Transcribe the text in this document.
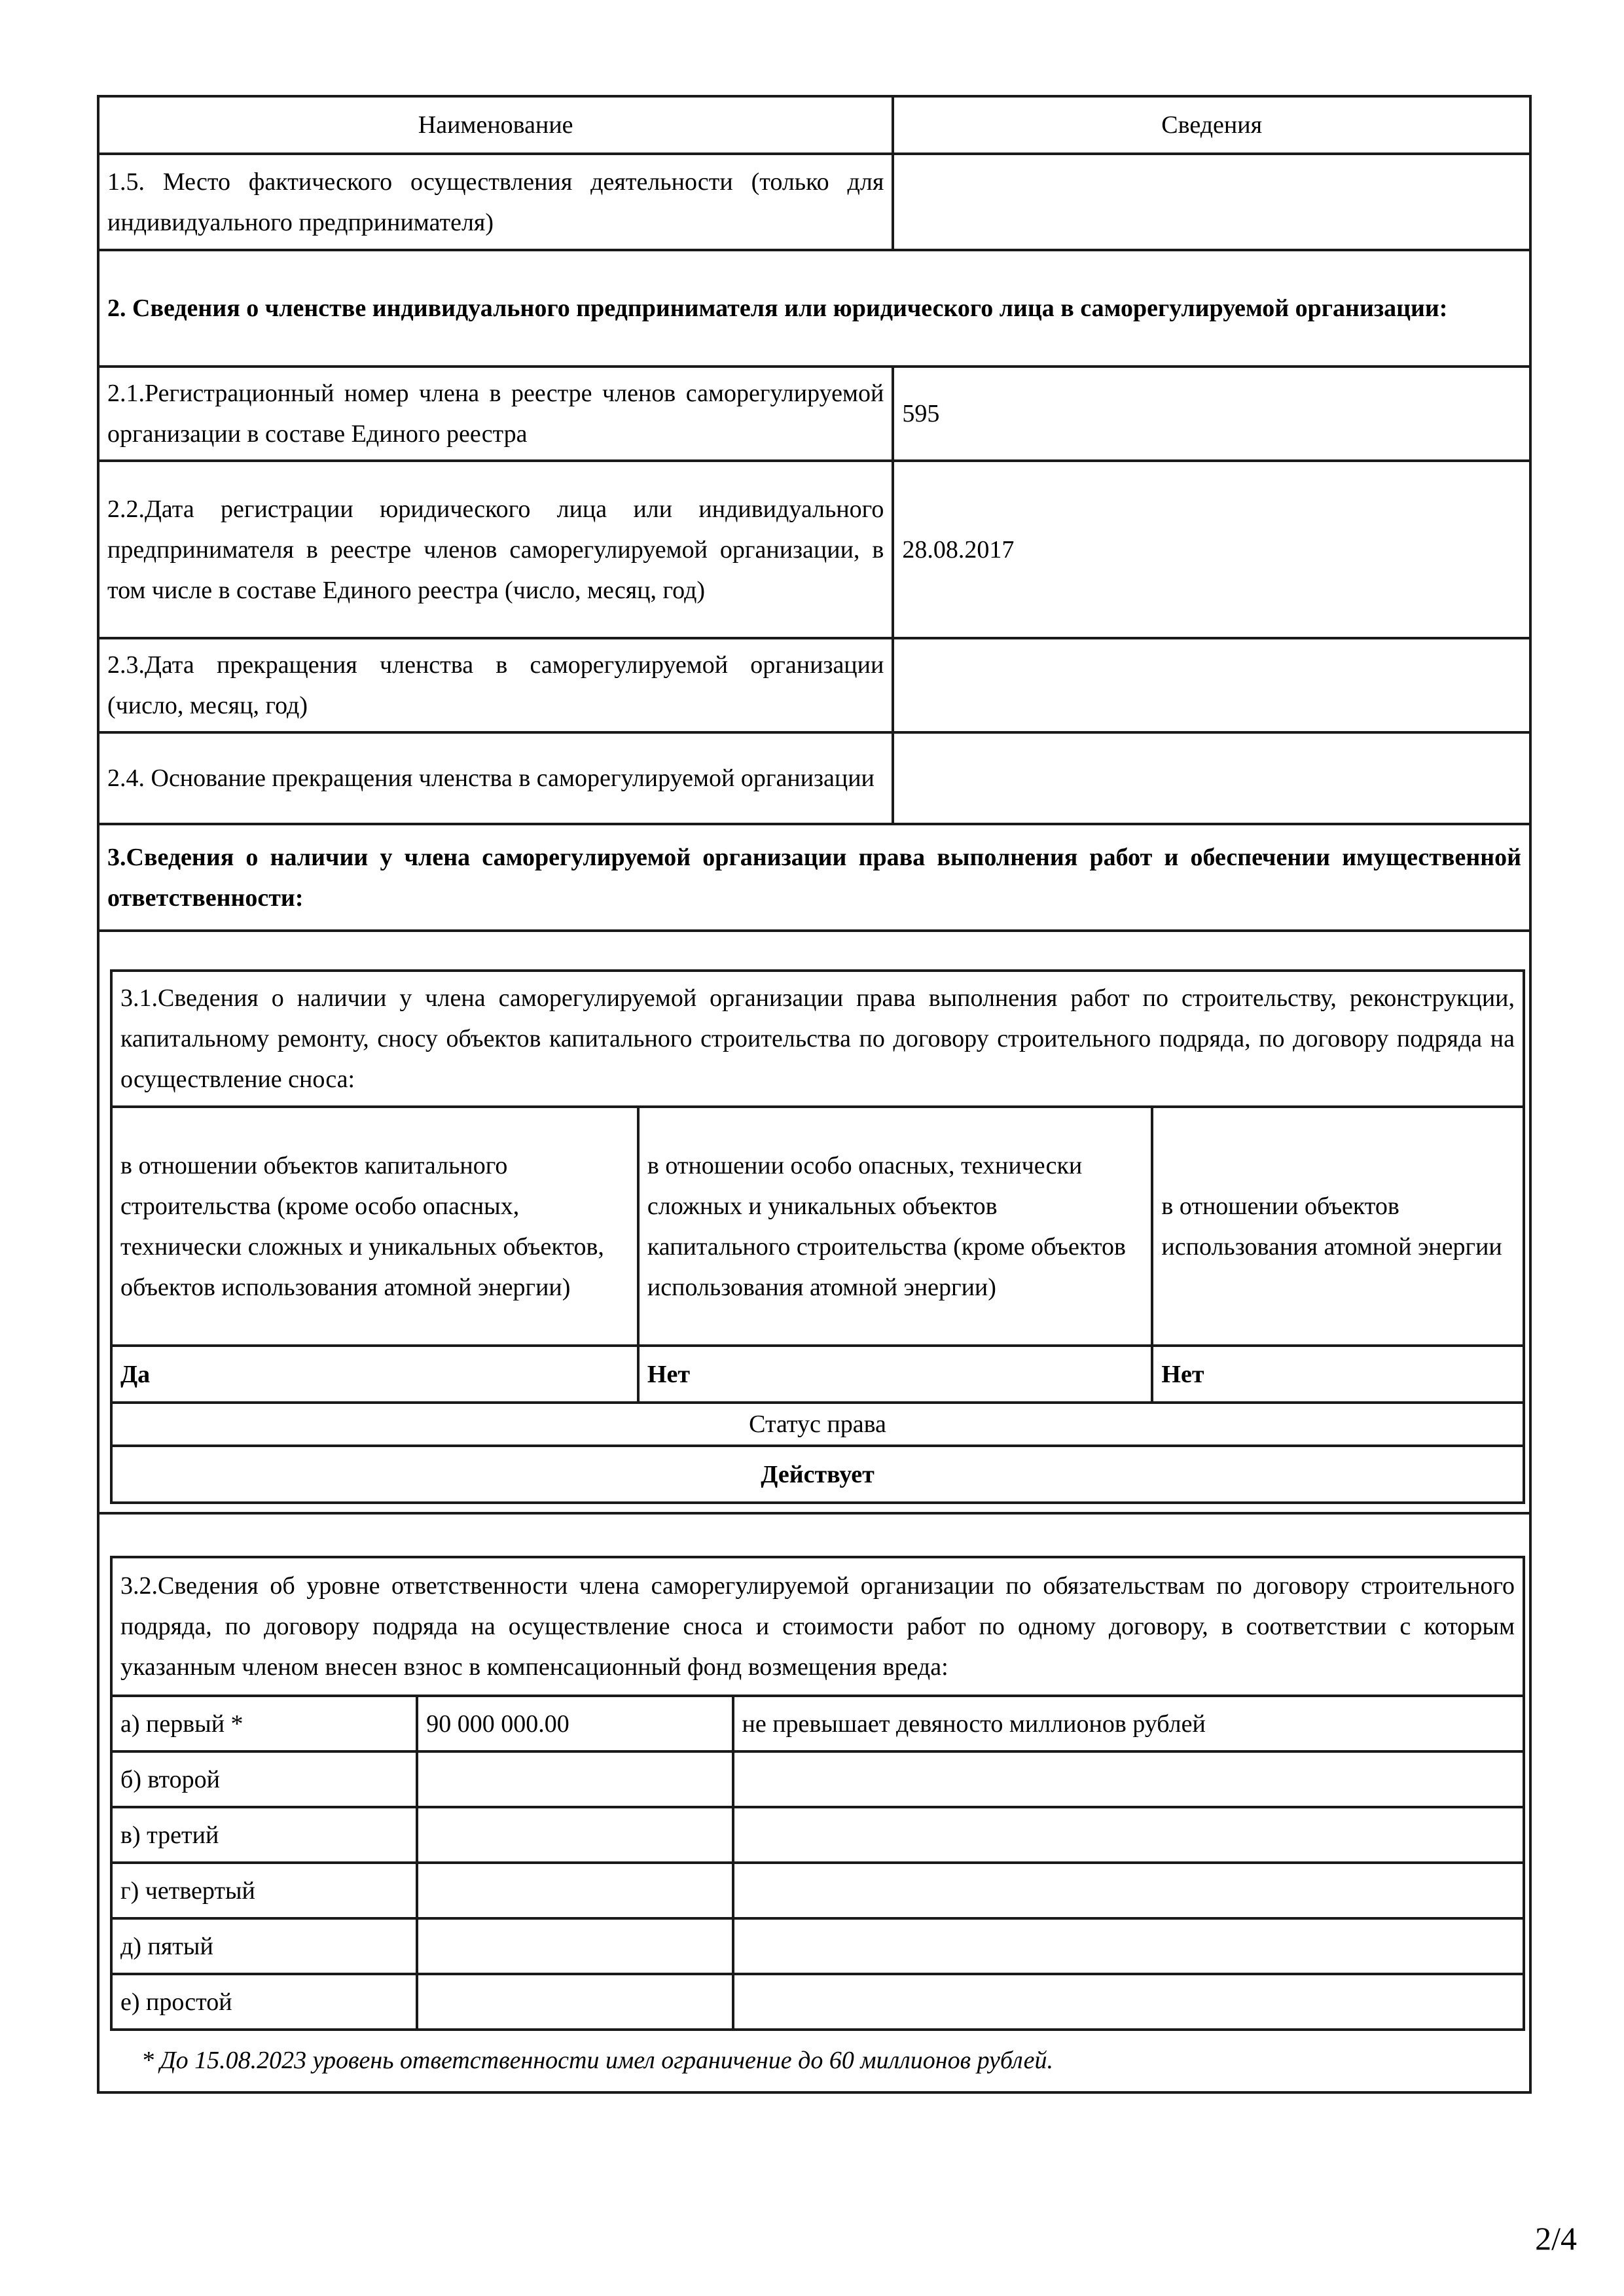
Наименование	Сведения
1.5. Место фактического осуществления деятельности (только для индивидуального предпринимателя)	
2. Сведения о членстве индивидуального предпринимателя или юридического лица в саморегулируемой организации:	
2.1.Регистрационный номер члена в реестре членов саморегулируемой организации в составе Единого реестра	595
2.2.Дата регистрации юридического лица или индивидуального предпринимателя в реестре членов саморегулируемой организации, в том числе в составе Единого реестра (число, месяц, год)	28.08.2017
2.3.Дата прекращения членства в саморегулируемой организации (число, месяц, год)	
2.4. Основание прекращения членства в саморегулируемой организации	
3.Сведения о наличии у члена саморегулируемой организации права выполнения работ и обеспечении имущественной ответственности:	
3.1.Сведения о наличии у члена саморегулируемой организации права выполнения работ по строительству, реконструкции, капитальному ремонту, сносу объектов капитального строительства по договору строительного подряда, по договору подряда на осуществление сноса:		
в отношении объектов капитального строительства (кроме особо опасных, технически сложных и уникальных объектов, объектов использования атомной энергии)	в отношении особо опасных, технически сложных и уникальных объектов капитального строительства (кроме объектов использования атомной энергии)	в отношении объектов использования атомной энергии
Да	Нет	Нет
Статус права		
Действует		
3.2.Сведения об уровне ответственности члена саморегулируемой организации по обязательствам по договору строительного подряда, по договору подряда на осуществление сноса и стоимости работ по одному договору, в соответствии с которым указанным членом внесен взнос в компенсационный фонд возмещения вреда:		
а) первый *	90 000 000.00	не превышает девяносто миллионов рублей
б) второй		
в) третий		
г) четвертый		
д) пятый		
е) простой		
* До 15.08.2023 уровень ответственности имел ограничение до 60 миллионов рублей.
2/4
